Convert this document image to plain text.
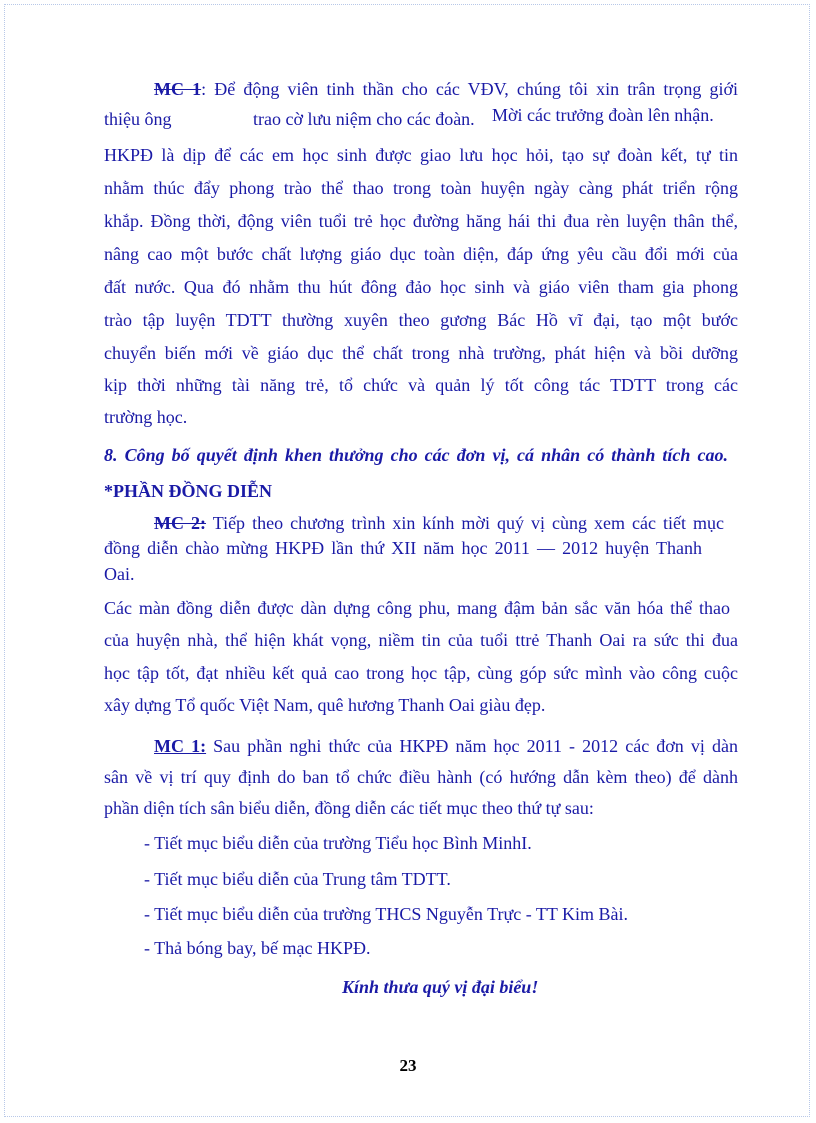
MC 1: Để động viên tinh thần cho các VĐV, chúng tôi xin trân trọng giới
thiệu ông	trao cờ lưu niệm cho các đoàn. Mời các trưởng đoàn lên nhận.
HKPĐ là dịp để các em học sinh được giao lưu học hỏi, tạo sự đoàn kết, tự tin
nhằm thúc đẩy phong trào thể thao trong toàn huyện ngày càng phát triển rộng
khắp. Đồng thời, động viên tuổi trẻ học đường hăng hái thi đua rèn luyện thân thể,
nâng cao một bước chất lượng giáo dục toàn diện, đáp ứng yêu cầu đổi mới của
đất nước. Qua đó nhằm thu hút đông đảo học sinh và giáo viên tham gia phong
trào tập luyện TDTT thường xuyên theo gương Bác Hồ vĩ đại, tạo một bước
chuyển biến mới về giáo dục thể chất trong nhà trường, phát hiện và bồi dưỡng
kịp thời những tài năng trẻ, tổ chức và quản lý tốt công tác TDTT trong các
trường học.
8. Công bố quyết định khen thưởng cho các đơn vị, cá nhân có thành tích cao.
*PHẦN ĐỒNG DIỄN
MC 2: Tiếp theo chương trình xin kính mời quý vị cùng xem các tiết mục
đồng diễn chào mừng HKPĐ lần thứ XII năm học 2011 — 2012 huyện Thanh
Oai.
Các màn đồng diễn được dàn dựng công phu, mang đậm bản sắc văn hóa thể thao
của huyện nhà, thể hiện khát vọng, niềm tin của tuổi ttrẻ Thanh Oai ra sức thi đua
học tập tốt, đạt nhiều kết quả cao trong học tập, cùng góp sức mình vào công cuộc
xây dựng Tổ quốc Việt Nam, quê hương Thanh Oai giàu đẹp.
MC 1: Sau phần nghi thức của HKPĐ năm học 2011 - 2012 các đơn vị dàn
sân về vị trí quy định do ban tổ chức điều hành (có hướng dẫn kèm theo) để dành
phần diện tích sân biểu diễn, đồng diễn các tiết mục theo thứ tự sau:
- Tiết mục biểu diễn của trường Tiểu học Bình MinhI.
- Tiết mục biểu diễn của Trung tâm TDTT.
- Tiết mục biểu diễn của trường THCS Nguyễn Trực - TT Kim Bài.
- Thả bóng bay, bế mạc HKPĐ.
Kính thưa quý vị đại biểu!
23
